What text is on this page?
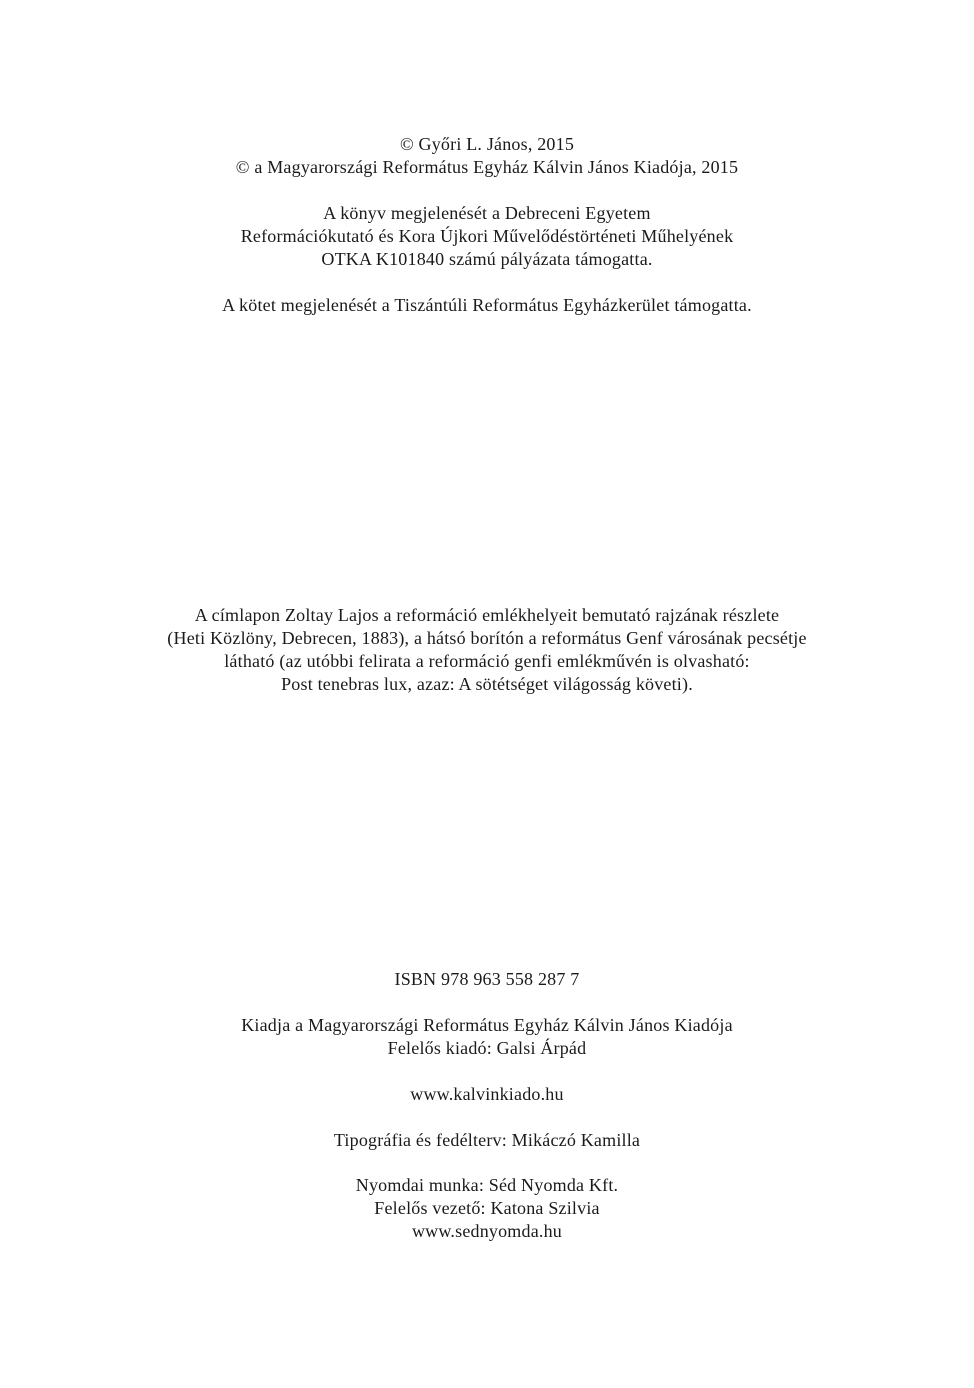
© Győri L. János, 2015
© a Magyarországi Református Egyház Kálvin János Kiadója, 2015
A könyv megjelenését a Debreceni Egyetem
Reformációkutató és Kora Újkori Művelődéstörténeti Műhelyének
OTKA K101840 számú pályázata támogatta.
A kötet megjelenését a Tiszántúli Református Egyházkerület támogatta.
A címlapon Zoltay Lajos a reformáció emlékhelyeit bemutató rajzának részlete
(Heti Közlöny, Debrecen, 1883), a hátsó borítón a református Genf városának pecsétje
látható (az utóbbi felirata a reformáció genfi emlékművén is olvasható:
Post tenebras lux, azaz: A sötétséget világosság követi).
ISBN 978 963 558 287 7
Kiadja a Magyarországi Református Egyház Kálvin János Kiadója
Felelős kiadó: Galsi Árpád
www.kalvinkiado.hu
Tipográfia és fedélterv: Mikáczó Kamilla
Nyomdai munka: Séd Nyomda Kft.
Felelős vezető: Katona Szilvia
www.sednyomda.hu
